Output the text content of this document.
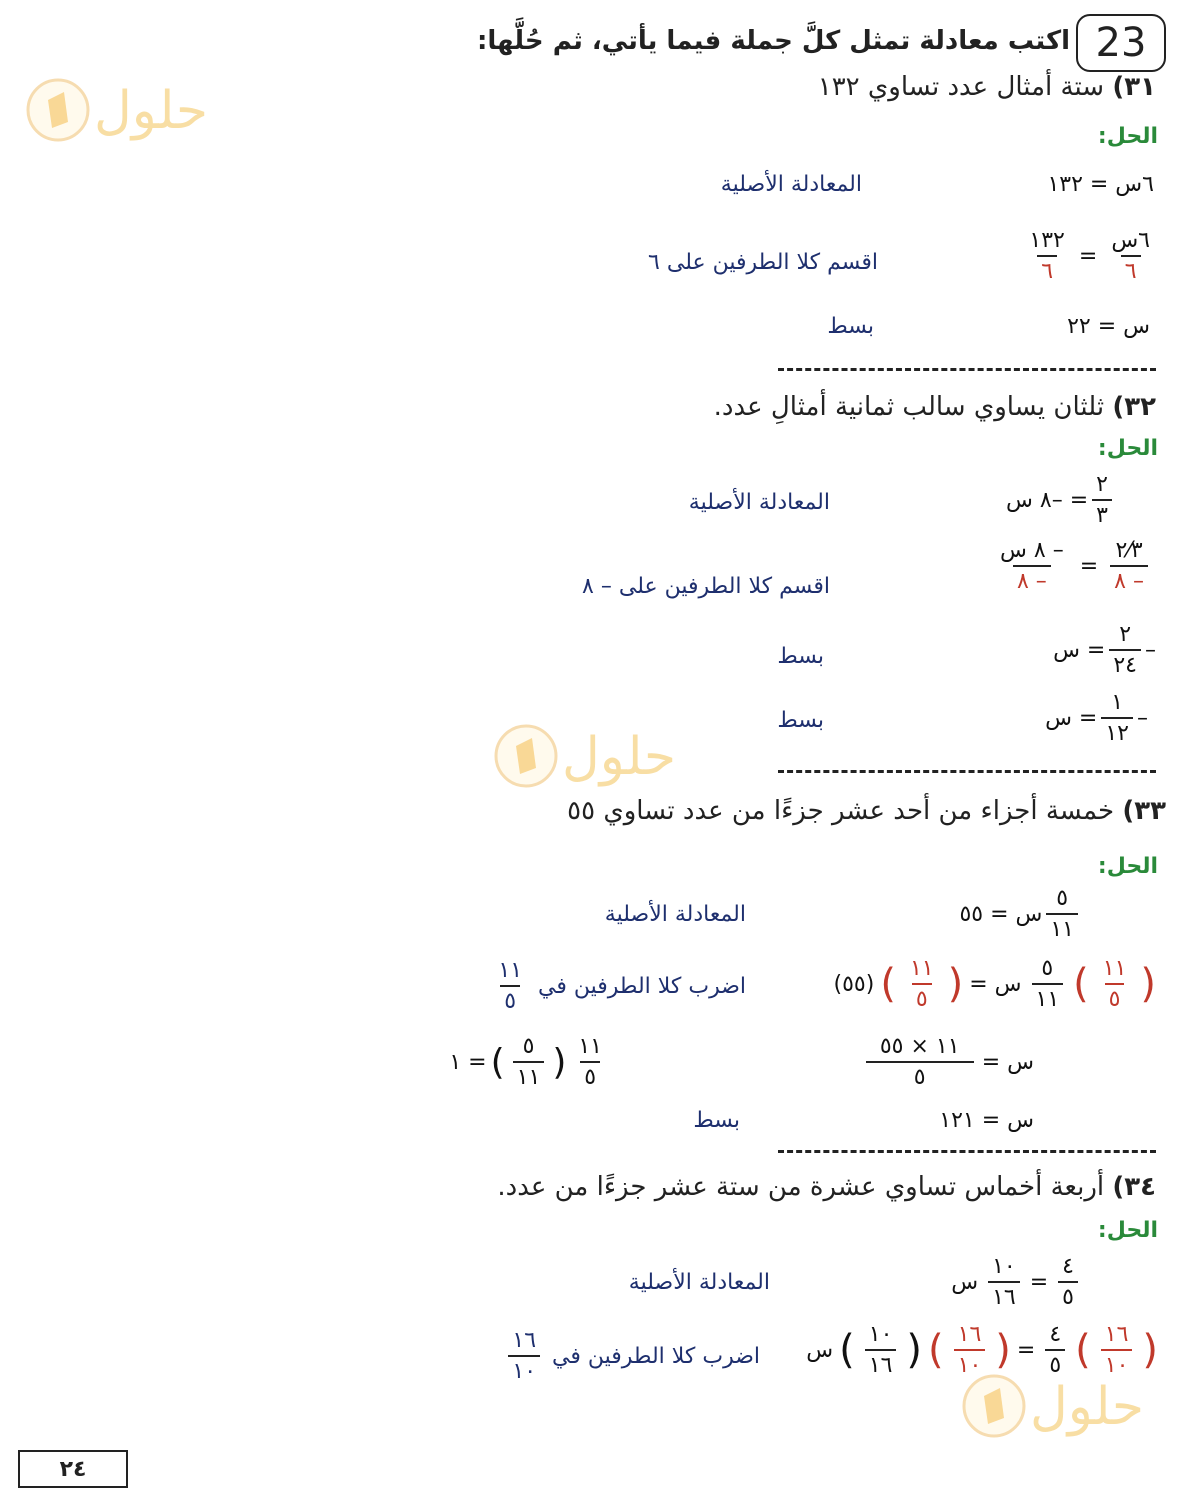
23
اكتب معادلة تمثل كلَّ جملة فيما يأتي، ثم حُلَّها:
حلول
حلول
حلول
٣١) ستة أمثال عدد تساوي ١٣٢
الحل:
٦س = ١٣٢
المعادلة الأصلية
$\frac{\text{٦س}}{٦}$
=
$\frac{١٣٢}{٦}$
اقسم كلا الطرفين على ٦
س = ٢٢
بسط
٣٢) ثلثان يساوي سالب ثمانية أمثالِ عدد.
الحل:
$\frac{٢}{٣}$
= –٨ س
المعادلة الأصلية
$\frac{٢⁄٣}{- ٨}$
=
$\frac{\text{– ٨ س}}{- ٨}$
اقسم كلا الطرفين على – ٨
–
$\frac{٢}{٢٤}$
= س
بسط
–
$\frac{١}{١٢}$
= س
بسط
٣٣) خمسة أجزاء من أحد عشر جزءًا من عدد تساوي ٥٥
الحل:
$\frac{٥}{١١}$
س = ٥٥
المعادلة الأصلية
(
$\frac{١١}{٥}$
)
$\frac{٥}{١١}$
س =
(
$\frac{١١}{٥}$
)
(٥٥)
اضرب كلا الطرفين في
$\frac{١١}{٥}$
س =
$\frac{١١ \times ٥٥}{٥}$
$\frac{١١}{٥}$
(
$\frac{٥}{١١}$
)
= ١
س = ١٢١
بسط
٣٤) أربعة أخماس تساوي عشرة من ستة عشر جزءًا من عدد.
الحل:
$\frac{٤}{٥}$
=
$\frac{١٠}{١٦}$
س
المعادلة الأصلية
(
$\frac{١٦}{١٠}$
)
$\frac{٤}{٥}$
=
(
$\frac{١٦}{١٠}$
)
(
$\frac{١٠}{١٦}$
)
س
اضرب كلا الطرفين في
$\frac{١٦}{١٠}$
٢٤
